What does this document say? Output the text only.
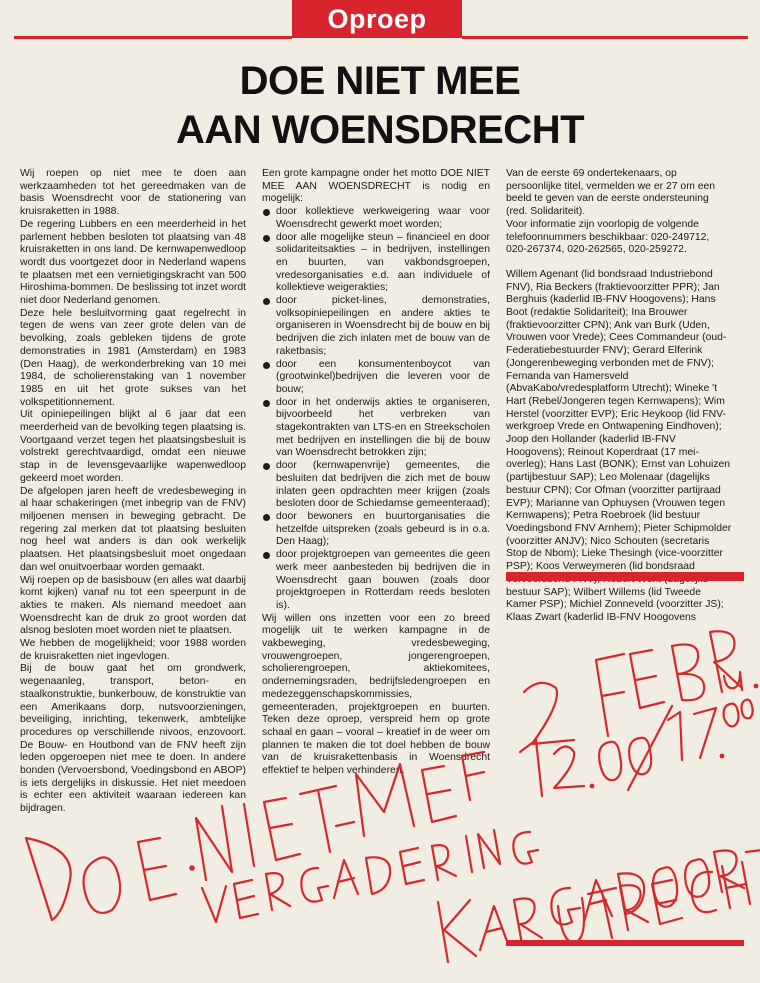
Oproep
DOE NIET MEE
AAN WOENSDRECHT

Wij roepen op niet mee te doen aan werkzaamheden tot het gereedmaken van de basis Woensdrecht voor de stationering van kruisraketten in 1988.

De regering Lubbers en een meerderheid in het parlement hebben besloten tot plaatsing van 48 kruisraketten in ons land. De kernwapenwedloop wordt dus voortgezet door in Nederland wapens te plaatsen met een vernietigingskracht van 500 Hiroshima-bommen. De beslissing tot inzet wordt niet door Nederland genomen.

Deze hele besluitvorming gaat regelrecht in tegen de wens van zeer grote delen van de bevolking, zoals gebleken tijdens de grote demonstraties in 1981 (Amsterdam) en 1983 (Den Haag), de werkonderbreking van 10 mei 1984, de scholierenstaking van 1 november 1985 en uit het grote sukses van het volkspetitionnement.

Uit opiniepeilingen blijkt al 6 jaar dat een meerderheid van de bevolking tegen plaatsing is. Voortgaand verzet tegen het plaatsingsbesluit is volstrekt gerechtvaardigd, omdat een nieuwe stap in de levensgevaarlijke wapenwedloop gekeerd moet worden.

De afgelopen jaren heeft de vredesbeweging in al haar schakeringen (met inbegrip van de FNV) miljoenen mensen in beweging gebracht. De regering zal merken dat tot plaatsing besluiten nog heel wat anders is dan ook werkelijk plaatsen. Het plaatsingsbesluit moet ongedaan dan wel onuitvoerbaar worden gemaakt.

Wij roepen op de basisbouw (en alles wat daarbij komt kijken) vanaf nu tot een speerpunt in de akties te maken. Als niemand meedoet aan Woensdrecht kan de druk zo groot worden dat alsnog besloten moet worden niet te plaatsen.

We hebben de mogelijkheid; voor 1988 worden de kruisraketten niet ingevlogen.

Bij de bouw gaat het om grondwerk, wegenaanleg, transport, beton- en staalkonstruktie, bunkerbouw, de konstruktie van een Amerikaans dorp, nutsvoorzieningen, beveiliging, inrichting, tekenwerk, ambtelijke procedures op verschillende nivoos, enzovoort. De Bouw- en Houtbond van de FNV heeft zijn leden opgeroepen niet mee te doen. In andere bonden (Vervoersbond, Voedingsbond en ABOP) is iets dergelijks in diskussie. Het niet meedoen is echter een aktiviteit waaraan iedereen kan bijdragen.

Een grote kampagne onder het motto DOE NIET MEE AAN WOENSDRECHT is nodig en mogelijk:

door kollektieve werkweigering waar voor Woensdrecht gewerkt moet worden;
door alle mogelijke steun – financieel en door solidariteitsakties – in bedrijven, instellingen en buurten, van vakbondsgroepen, vredesorganisaties e.d. aan individuele of kollektieve weigerakties;
door picket-lines, demonstraties, volksopiniepeilingen en andere akties te organiseren in Woensdrecht bij de bouw en bij bedrijven die zich inlaten met de bouw van de raketbasis;
door een konsumentenboycot van (grootwinkel)bedrijven die leveren voor de bouw;
door in het onderwijs akties te organiseren, bijvoorbeeld het verbreken van stagekontrakten van LTS-en en Streekscholen met bedrijven en instellingen die bij de bouw van Woensdrecht betrokken zijn;
door (kernwapenvrije) gemeentes, die besluiten dat bedrijven die zich met de bouw inlaten geen opdrachten meer krijgen (zoals besloten door de Schiedamse gemeenteraad);
door bewoners en buurtorganisaties die hetzelfde uitspreken (zoals gebeurd is in o.a. Den Haag);
door projektgroepen van gemeentes die geen werk meer aanbesteden bij bedrijven die in Woensdrecht gaan bouwen (zoals door projektgroepen in Rotterdam reeds besloten is).

Wij willen ons inzetten voor een zo breed mogelijk uit te werken kampagne in de vakbeweging, vredesbeweging, vrouwengroepen, jongerengroepen, scholierengroepen, aktiekomitees, ondernemingsraden, bedrijfsledengroepen en medezeggenschapskommissies, gemeenteraden, projektgroepen en buurten. Teken deze oproep, verspreid hem op grote schaal en gaan – vooral – kreatief in de weer om plannen te maken die tot doel hebben de bouw van de kruisrakettenbasis in Woensdrecht effektief te helpen verhinderen.

Van de eerste 69 ondertekenaars, op persoonlijke titel, vermelden we er 27 om een beeld te geven van de eerste ondersteuning (red. Solidariteit).

Voor informatie zijn voorlopig de volgende telefoonnummers beschikbaar: 020-249712, 020-267374, 020-262565, 020-259272.

Willem Agenant (lid bondsraad Industriebond FNV), Ria Beckers (fraktievoorzitter PPR); Jan Berghuis (kaderlid IB-FNV Hoogovens); Hans Boot (redaktie Solidariteit); Ina Brouwer (fraktievoorzitter CPN); Ank van Burk (Uden, Vrouwen voor Vrede); Cees Commandeur (oud-Federatiebestuurder FNV); Gerard Elferink (Jongerenbeweging verbonden met de FNV); Fernanda van Hamersveld (AbvaKabo/vredesplatform Utrecht); Wineke 't Hart (Rebel/Jongeren tegen Kernwapens); Wim Herstel (voorzitter EVP); Eric Heykoop (lid FNV-werkgroep Vrede en Ontwapening Eindhoven); Joop den Hollander (kaderlid IB-FNV Hoogovens); Reinout Koperdraat (17 mei-overleg); Hans Last (BONK); Ernst van Lohuizen (partijbestuur SAP); Leo Molenaar (dagelijks bestuur CPN); Cor Ofman (voorzitter partijraad EVP); Marianne van Ophuysen (Vrouwen tegen Kernwapens); Petra Roebroek (lid bestuur Voedingsbond FNV Arnhem); Pieter Schipmolder (voorzitter ANJV); Nico Schouten (secretaris Stop de Nbom); Lieke Thesingh (vice-voorzitter PSP); Koos Verweymeren (lid bondsraad bestuur SAP); Wilbert Willems (lid Tweede Kamer PSP); Michiel Zonneveld (voorzitter JS); Klaas Zwart (kaderlid IB-FNV Hoogovens
